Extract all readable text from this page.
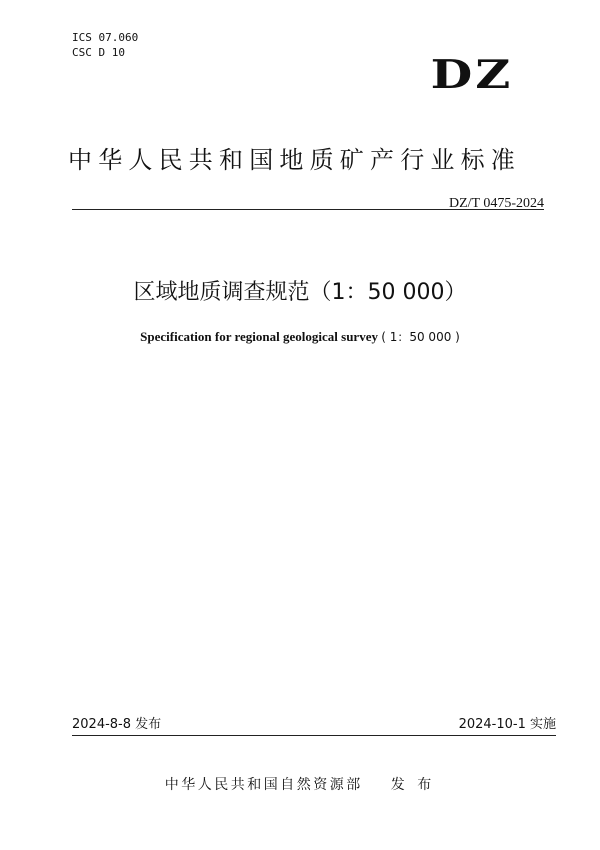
ICS 07.060
CSC D 10	DZ
中华人民共和国地质矿产行业标准
DZ/T 0475-2024
区域地质调查规范（1：50 000）
Specification for regional geological survey ( 1：50 000 )
2024-8-8 发布	2024-10-1 实施
中华人民共和国自然资源部 发 布
